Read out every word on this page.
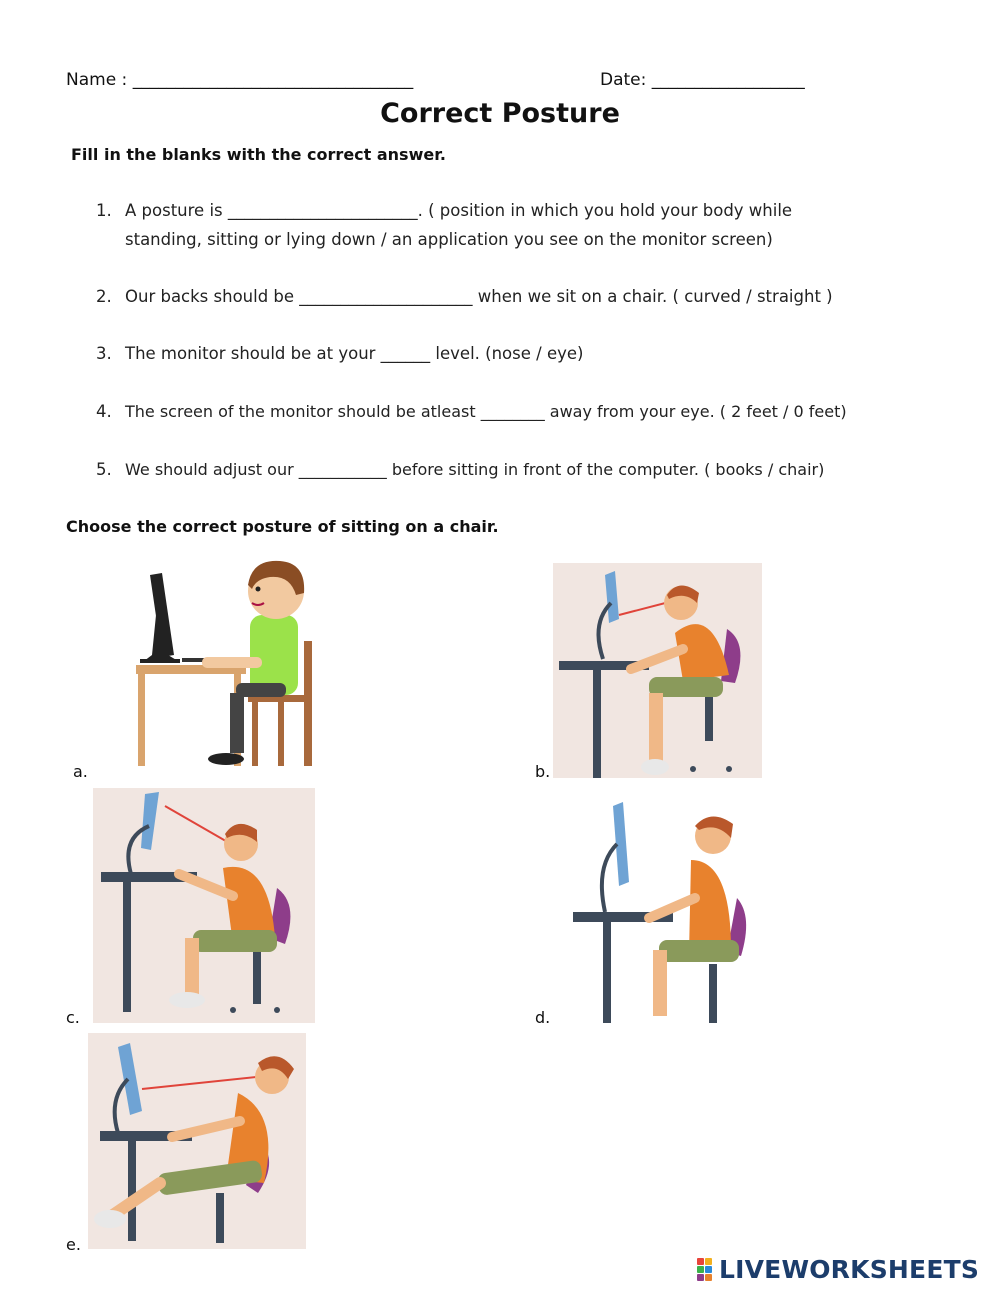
Name : _________________________________	Date: __________________
Correct Posture
Fill in the blanks with the correct answer.
1. A posture is _______________________. ( position in which you hold your body while
standing, sitting or lying down / an application you see on the monitor screen)
2. Our backs should be _____________________ when we sit on a chair. ( curved / straight )
3. The monitor should be at your ______ level. (nose / eye)
4. The screen of the monitor should be atleast ________ away from your eye. ( 2 feet / 0 feet)
5. We should adjust our ___________ before sitting in front of the computer. ( books / chair)
Choose the correct posture of sitting on a chair.
a.	b.
c.	d.
e.
LIVEWORKSHEETS
